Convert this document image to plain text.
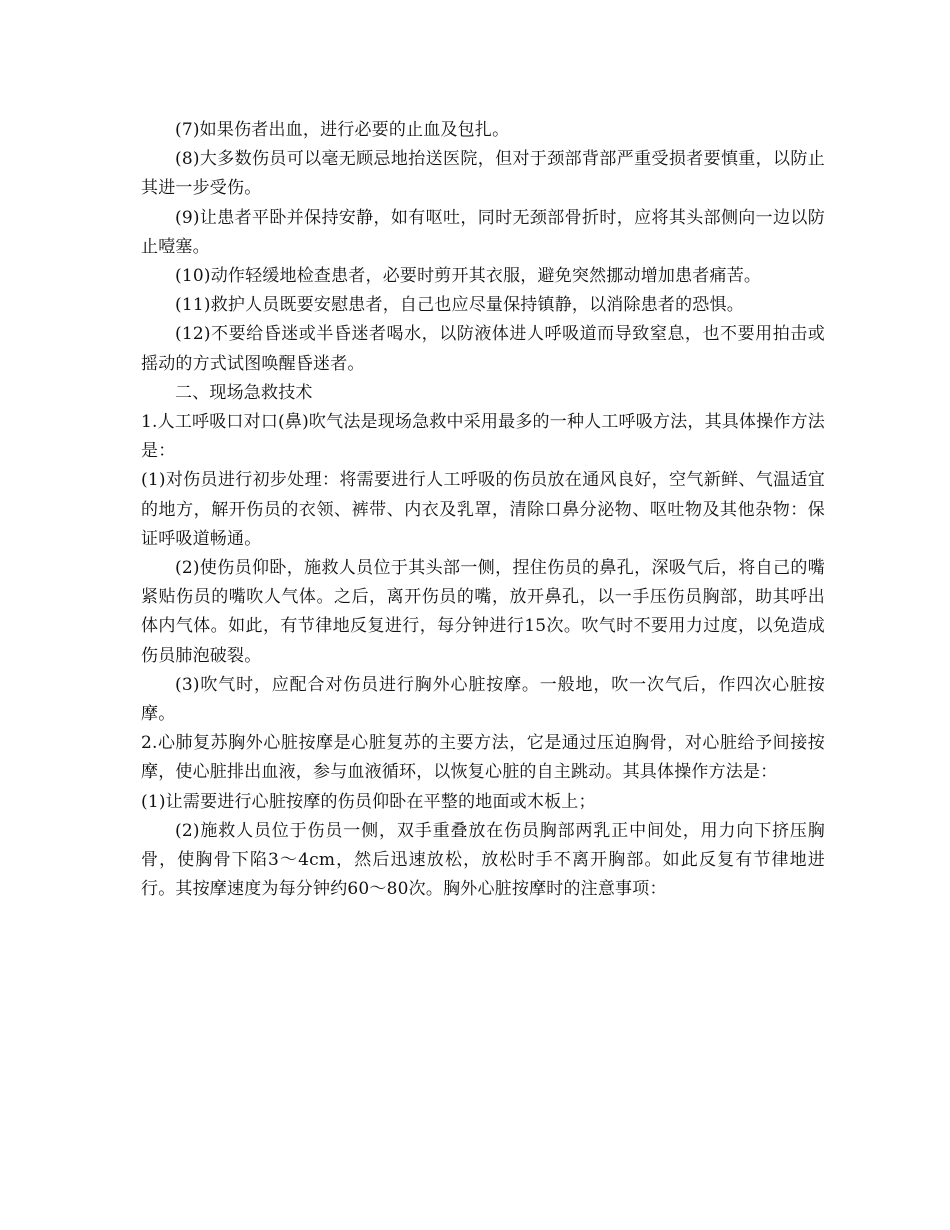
(7)如果伤者出血，进行必要的止血及包扎。

(8)大多数伤员可以毫无顾忌地抬送医院，但对于颈部背部严重受损者要慎重，以防止其进一步受伤。

(9)让患者平卧并保持安静，如有呕吐，同时无颈部骨折时，应将其头部侧向一边以防止噎塞。

(10)动作轻缓地检查患者，必要时剪开其衣服，避免突然挪动增加患者痛苦。

(11)救护人员既要安慰患者，自己也应尽量保持镇静，以消除患者的恐惧。

(12)不要给昏迷或半昏迷者喝水，以防液体进人呼吸道而导致窒息，也不要用拍击或摇动的方式试图唤醒昏迷者。

二、现场急救技术

1.人工呼吸口对口(鼻)吹气法是现场急救中采用最多的一种人工呼吸方法，其具体操作方法是：

(1)对伤员进行初步处理：将需要进行人工呼吸的伤员放在通风良好，空气新鲜、气温适宜的地方，解开伤员的衣领、裤带、内衣及乳罩，清除口鼻分泌物、呕吐物及其他杂物：保证呼吸道畅通。

(2)使伤员仰卧，施救人员位于其头部一侧，捏住伤员的鼻孔，深吸气后，将自己的嘴紧贴伤员的嘴吹人气体。之后，离开伤员的嘴，放开鼻孔，以一手压伤员胸部，助其呼出体内气体。如此，有节律地反复进行，每分钟进行15次。吹气时不要用力过度，以免造成伤员肺泡破裂。

(3)吹气时，应配合对伤员进行胸外心脏按摩。一般地，吹一次气后，作四次心脏按摩。

2.心肺复苏胸外心脏按摩是心脏复苏的主要方法，它是通过压迫胸骨，对心脏给予间接按摩，使心脏排出血液，参与血液循环，以恢复心脏的自主跳动。其具体操作方法是：

(1)让需要进行心脏按摩的伤员仰卧在平整的地面或木板上；

(2)施救人员位于伤员一侧，双手重叠放在伤员胸部两乳正中间处，用力向下挤压胸骨，使胸骨下陷3～4cm，然后迅速放松，放松时手不离开胸部。如此反复有节律地进行。其按摩速度为每分钟约60～80次。胸外心脏按摩时的注意事项：
